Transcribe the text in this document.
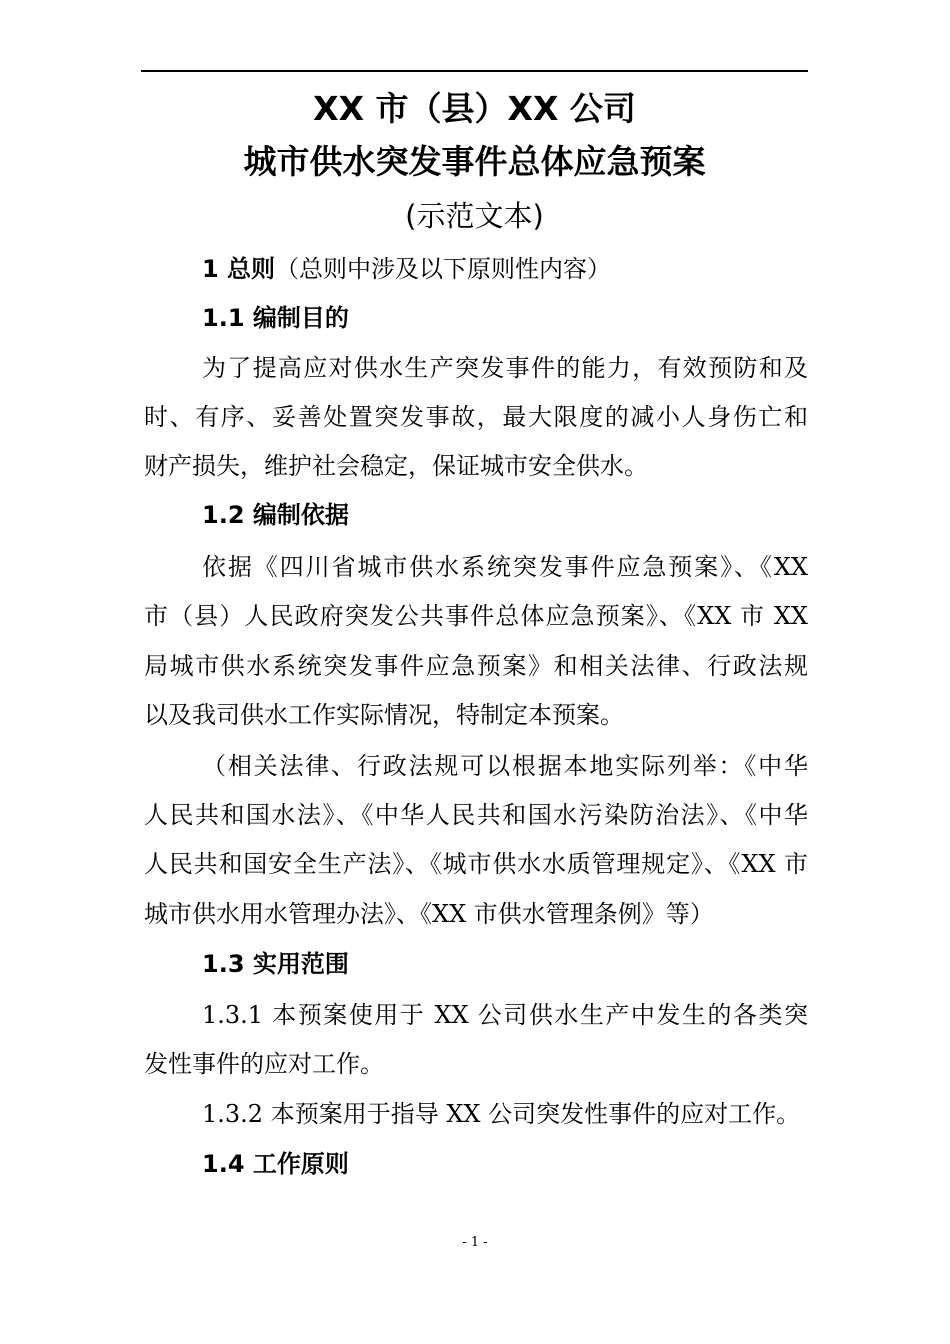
XX 市（县）XX 公司
城市供水突发事件总体应急预案
(示范文本)
1 总则（总则中涉及以下原则性内容）
1.1 编制目的
为了提高应对供水生产突发事件的能力，有效预防和及
时、有序、妥善处置突发事故，最大限度的减小人身伤亡和
财产损失，维护社会稳定，保证城市安全供水。
1.2 编制依据
依据《四川省城市供水系统突发事件应急预案》、《XX
市（县）人民政府突发公共事件总体应急预案》、《XX 市 XX
局城市供水系统突发事件应急预案》和相关法律、行政法规
以及我司供水工作实际情况，特制定本预案。
（相关法律、行政法规可以根据本地实际列举：《中华
人民共和国水法》、《中华人民共和国水污染防治法》、《中华
人民共和国安全生产法》、《城市供水水质管理规定》、《XX 市
城市供水用水管理办法》、《XX 市供水管理条例》等）
1.3 实用范围
1.3.1 本预案使用于 XX 公司供水生产中发生的各类突
发性事件的应对工作。
1.3.2 本预案用于指导 XX 公司突发性事件的应对工作。
1.4 工作原则
- 1 -
